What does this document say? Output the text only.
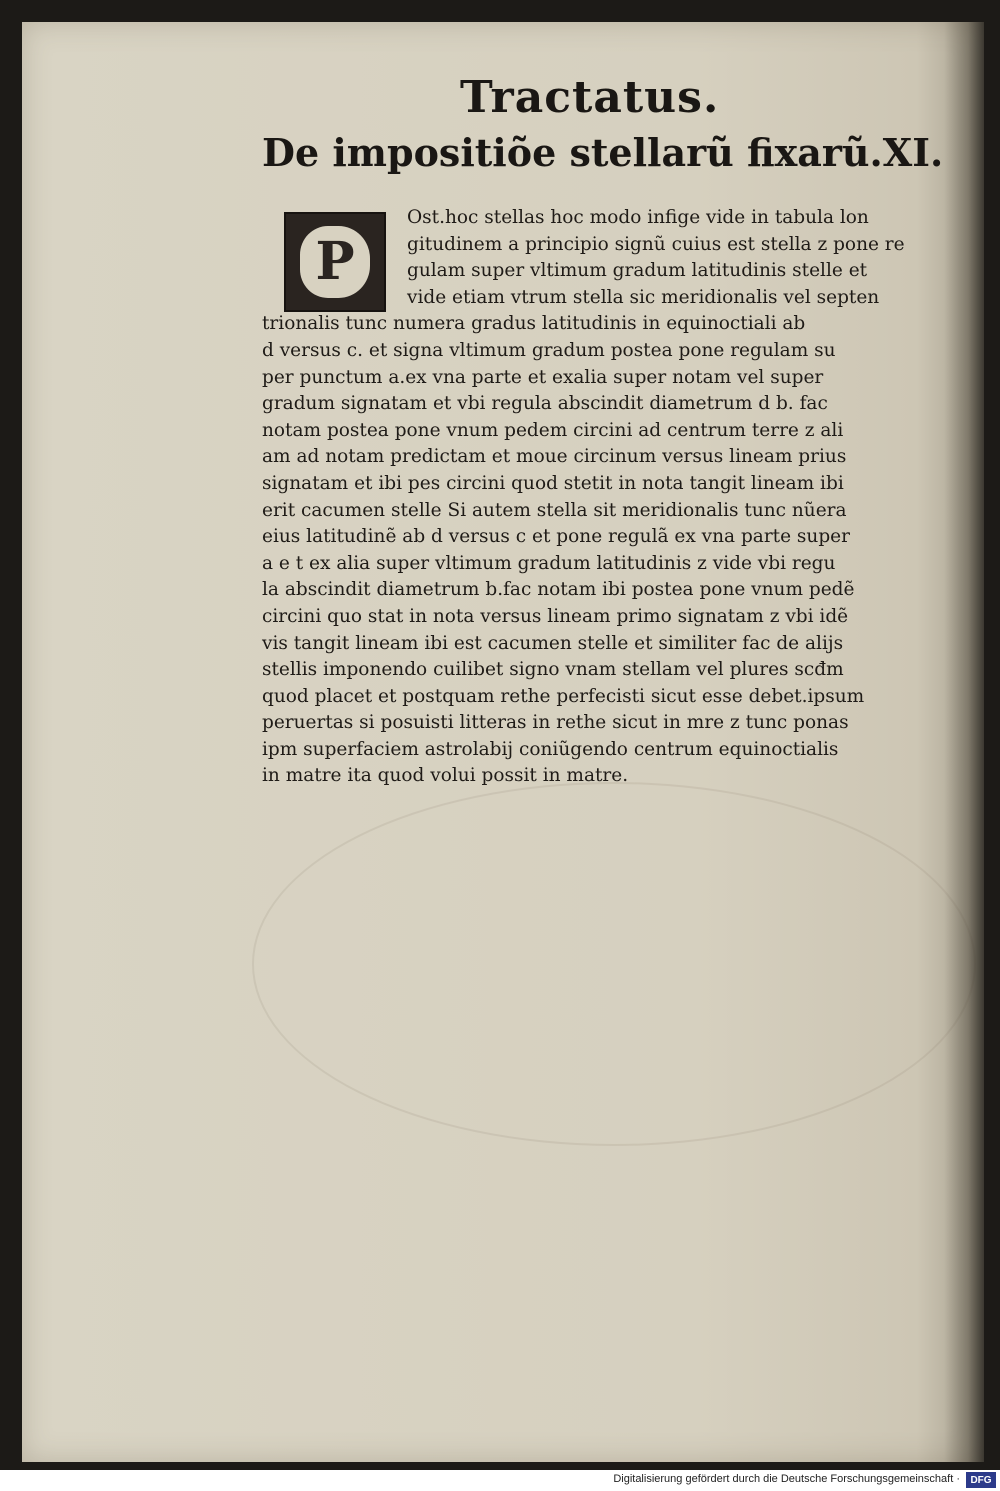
Tractatus.
De impositiõe stellarũ fixarũ.XI.
Ost.hoc stellas hoc modo infige vide in tabula lon
gitudinem a principio signũ cuius est stella z pone re
gulam super vltimum gradum latitudinis stelle et
vide etiam vtrum stella sic meridionalis vel septen
trionalis tunc numera gradus latitudinis in equinoctiali ab
d versus c. et signa vltimum gradum postea pone regulam su
per punctum a.ex vna parte et exalia super notam vel super
gradum signatam et vbi regula abscindit diametrum d b. fac
notam postea pone vnum pedem circini ad centrum terre z ali
am ad notam predictam et moue circinum versus lineam prius
signatam et ibi pes circini quod stetit in nota tangit lineam ibi
erit cacumen stelle Si autem stella sit meridionalis tunc nũera
eius latitudinẽ ab d versus c et pone regulã ex vna parte super
a e t ex alia super vltimum gradum latitudinis z vide vbi regu
la abscindit diametrum b.fac notam ibi postea pone vnum pedẽ
circini quo stat in nota versus lineam primo signatam z vbi idẽ
vis tangit lineam ibi est cacumen stelle et similiter fac de alijs
stellis imponendo cuilibet signo vnam stellam vel plures scđm
quod placet et postquam rethe perfecisti sicut esse debet.ipsum
peruertas si posuisti litteras in rethe sicut in mre z tunc ponas
ipm superfaciem astrolabij coniũgendo centrum equinoctialis
in matre ita quod volui possit in matre.
P
Digitalisierung gefördert durch die Deutsche Forschungsgemeinschaft ·	DFG
